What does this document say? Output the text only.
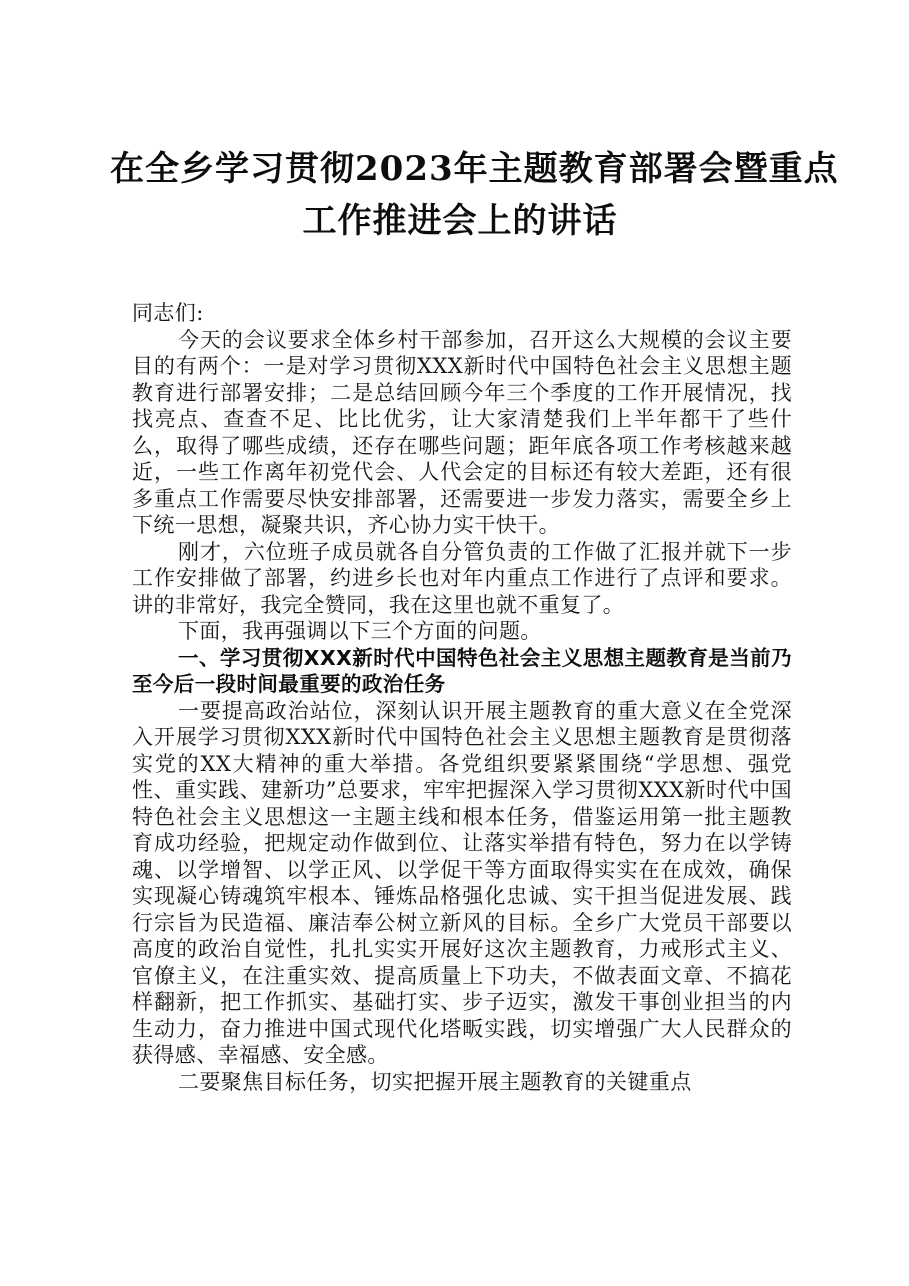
在全乡学习贯彻2023年主题教育部署会暨重点
工作推进会上的讲话

同志们:

今天的会议要求全体乡村干部参加，召开这么大规模的会议主要目的有两个：一是对学习贯彻XXX新时代中国特色社会主义思想主题教育进行部署安排；二是总结回顾今年三个季度的工作开展情况，找找亮点、查查不足、比比优劣，让大家清楚我们上半年都干了些什么，取得了哪些成绩，还存在哪些问题；距年底各项工作考核越来越近，一些工作离年初党代会、人代会定的目标还有较大差距，还有很多重点工作需要尽快安排部署，还需要进一步发力落实，需要全乡上下统一思想，凝聚共识，齐心协力实干快干。

刚才，六位班子成员就各自分管负责的工作做了汇报并就下一步工作安排做了部署，约进乡长也对年内重点工作进行了点评和要求。讲的非常好，我完全赞同，我在这里也就不重复了。

下面，我再强调以下三个方面的问题。

一、学习贯彻XXX新时代中国特色社会主义思想主题教育是当前乃至今后一段时间最重要的政治任务

一要提高政治站位，深刻认识开展主题教育的重大意义在全党深入开展学习贯彻XXX新时代中国特色社会主义思想主题教育是贯彻落实党的XX大精神的重大举措。各党组织要紧紧围绕“学思想、强党性、重实践、建新功”总要求，牢牢把握深入学习贯彻XXX新时代中国特色社会主义思想这一主题主线和根本任务，借鉴运用第一批主题教育成功经验，把规定动作做到位、让落实举措有特色，努力在以学铸魂、以学增智、以学正风、以学促干等方面取得实实在在成效，确保实现凝心铸魂筑牢根本、锤炼品格强化忠诚、实干担当促进发展、践行宗旨为民造福、廉洁奉公树立新风的目标。全乡广大党员干部要以高度的政治自觉性，扎扎实实开展好这次主题教育，力戒形式主义、官僚主义，在注重实效、提高质量上下功夫，不做表面文章、不搞花样翻新，把工作抓实、基础打实、步子迈实，激发干事创业担当的内生动力，奋力推进中国式现代化塔畈实践，切实增强广大人民群众的获得感、幸福感、安全感。

二要聚焦目标任务，切实把握开展主题教育的关键重点
